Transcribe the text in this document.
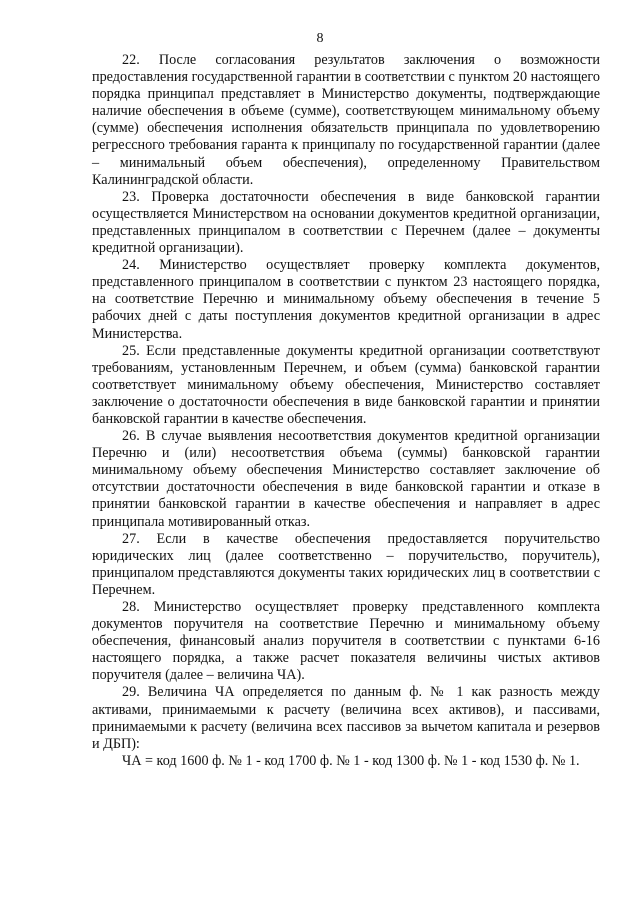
8

22. После согласования результатов заключения о возможности предоставления государственной гарантии в соответствии с пунктом 20 настоящего порядка принципал представляет в Министерство документы, подтверждающие наличие обеспечения в объеме (сумме), соответствующем минимальному объему (сумме) обеспечения исполнения обязательств принципала по удовлетворению регрессного требования гаранта к принципалу по государственной гарантии (далее – минимальный объем обеспечения), определенному Правительством Калининградской области.

23. Проверка достаточности обеспечения в виде банковской гарантии осуществляется Министерством на основании документов кредитной организации, представленных принципалом в соответствии с Перечнем (далее – документы кредитной организации).

24. Министерство осуществляет проверку комплекта документов, представленного принципалом в соответствии с пунктом 23 настоящего порядка, на соответствие Перечню и минимальному объему обеспечения в течение 5 рабочих дней с даты поступления документов кредитной организации в адрес Министерства.

25. Если представленные документы кредитной организации соответствуют требованиям, установленным Перечнем, и объем (сумма) банковской гарантии соответствует минимальному объему обеспечения, Министерство составляет заключение о достаточности обеспечения в виде банковской гарантии и принятии банковской гарантии в качестве обеспечения.

26. В случае выявления несоответствия документов кредитной организации Перечню и (или) несоответствия объема (суммы) банковской гарантии минимальному объему обеспечения Министерство составляет заключение об отсутствии достаточности обеспечения в виде банковской гарантии и отказе в принятии банковской гарантии в качестве обеспечения и направляет в адрес принципала мотивированный отказ.

27. Если в качестве обеспечения предоставляется поручительство юридических лиц (далее соответственно – поручительство, поручитель), принципалом представляются документы таких юридических лиц в соответствии с Перечнем.

28. Министерство осуществляет проверку представленного комплекта документов поручителя на соответствие Перечню и минимальному объему обеспечения, финансовый анализ поручителя в соответствии с пунктами 6-16 настоящего порядка, а также расчет показателя величины чистых активов поручителя (далее – величина ЧА).

29. Величина ЧА определяется по данным ф. № 1 как разность между активами, принимаемыми к расчету (величина всех активов), и пассивами, принимаемыми к расчету (величина всех пассивов за вычетом капитала и резервов и ДБП):

ЧА = код 1600 ф. № 1 - код 1700 ф. № 1 - код 1300 ф. № 1 - код 1530 ф. № 1.
